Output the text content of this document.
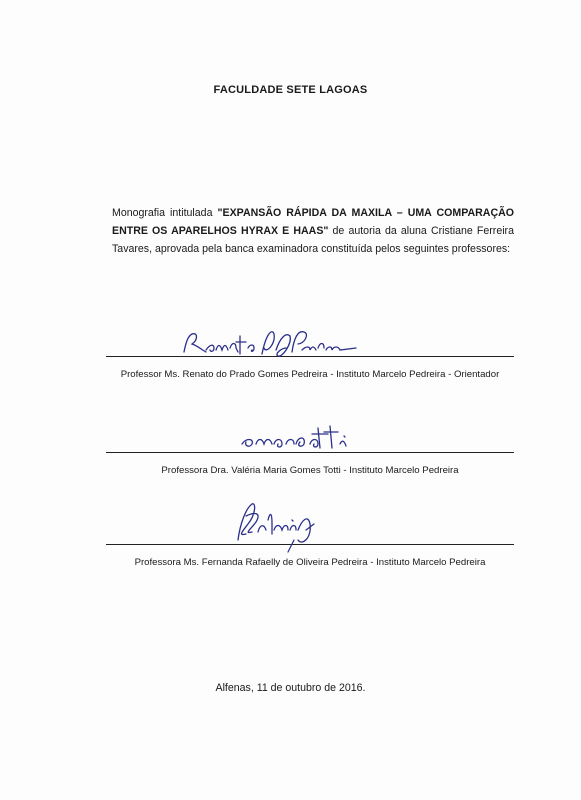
FACULDADE SETE LAGOAS
Monografia intitulada "EXPANSÃO RÁPIDA DA MAXILA – UMA COMPARAÇÃO ENTRE OS APARELHOS HYRAX E HAAS" de autoria da aluna Cristiane Ferreira Tavares, aprovada pela banca examinadora constituída pelos seguintes professores:
Professor Ms. Renato do Prado Gomes Pedreira - Instituto Marcelo Pedreira - Orientador
Professora Dra. Valéria Maria Gomes Totti - Instituto Marcelo Pedreira
Professora Ms. Fernanda Rafaelly de Oliveira Pedreira - Instituto Marcelo Pedreira
Alfenas, 11 de outubro de 2016.
